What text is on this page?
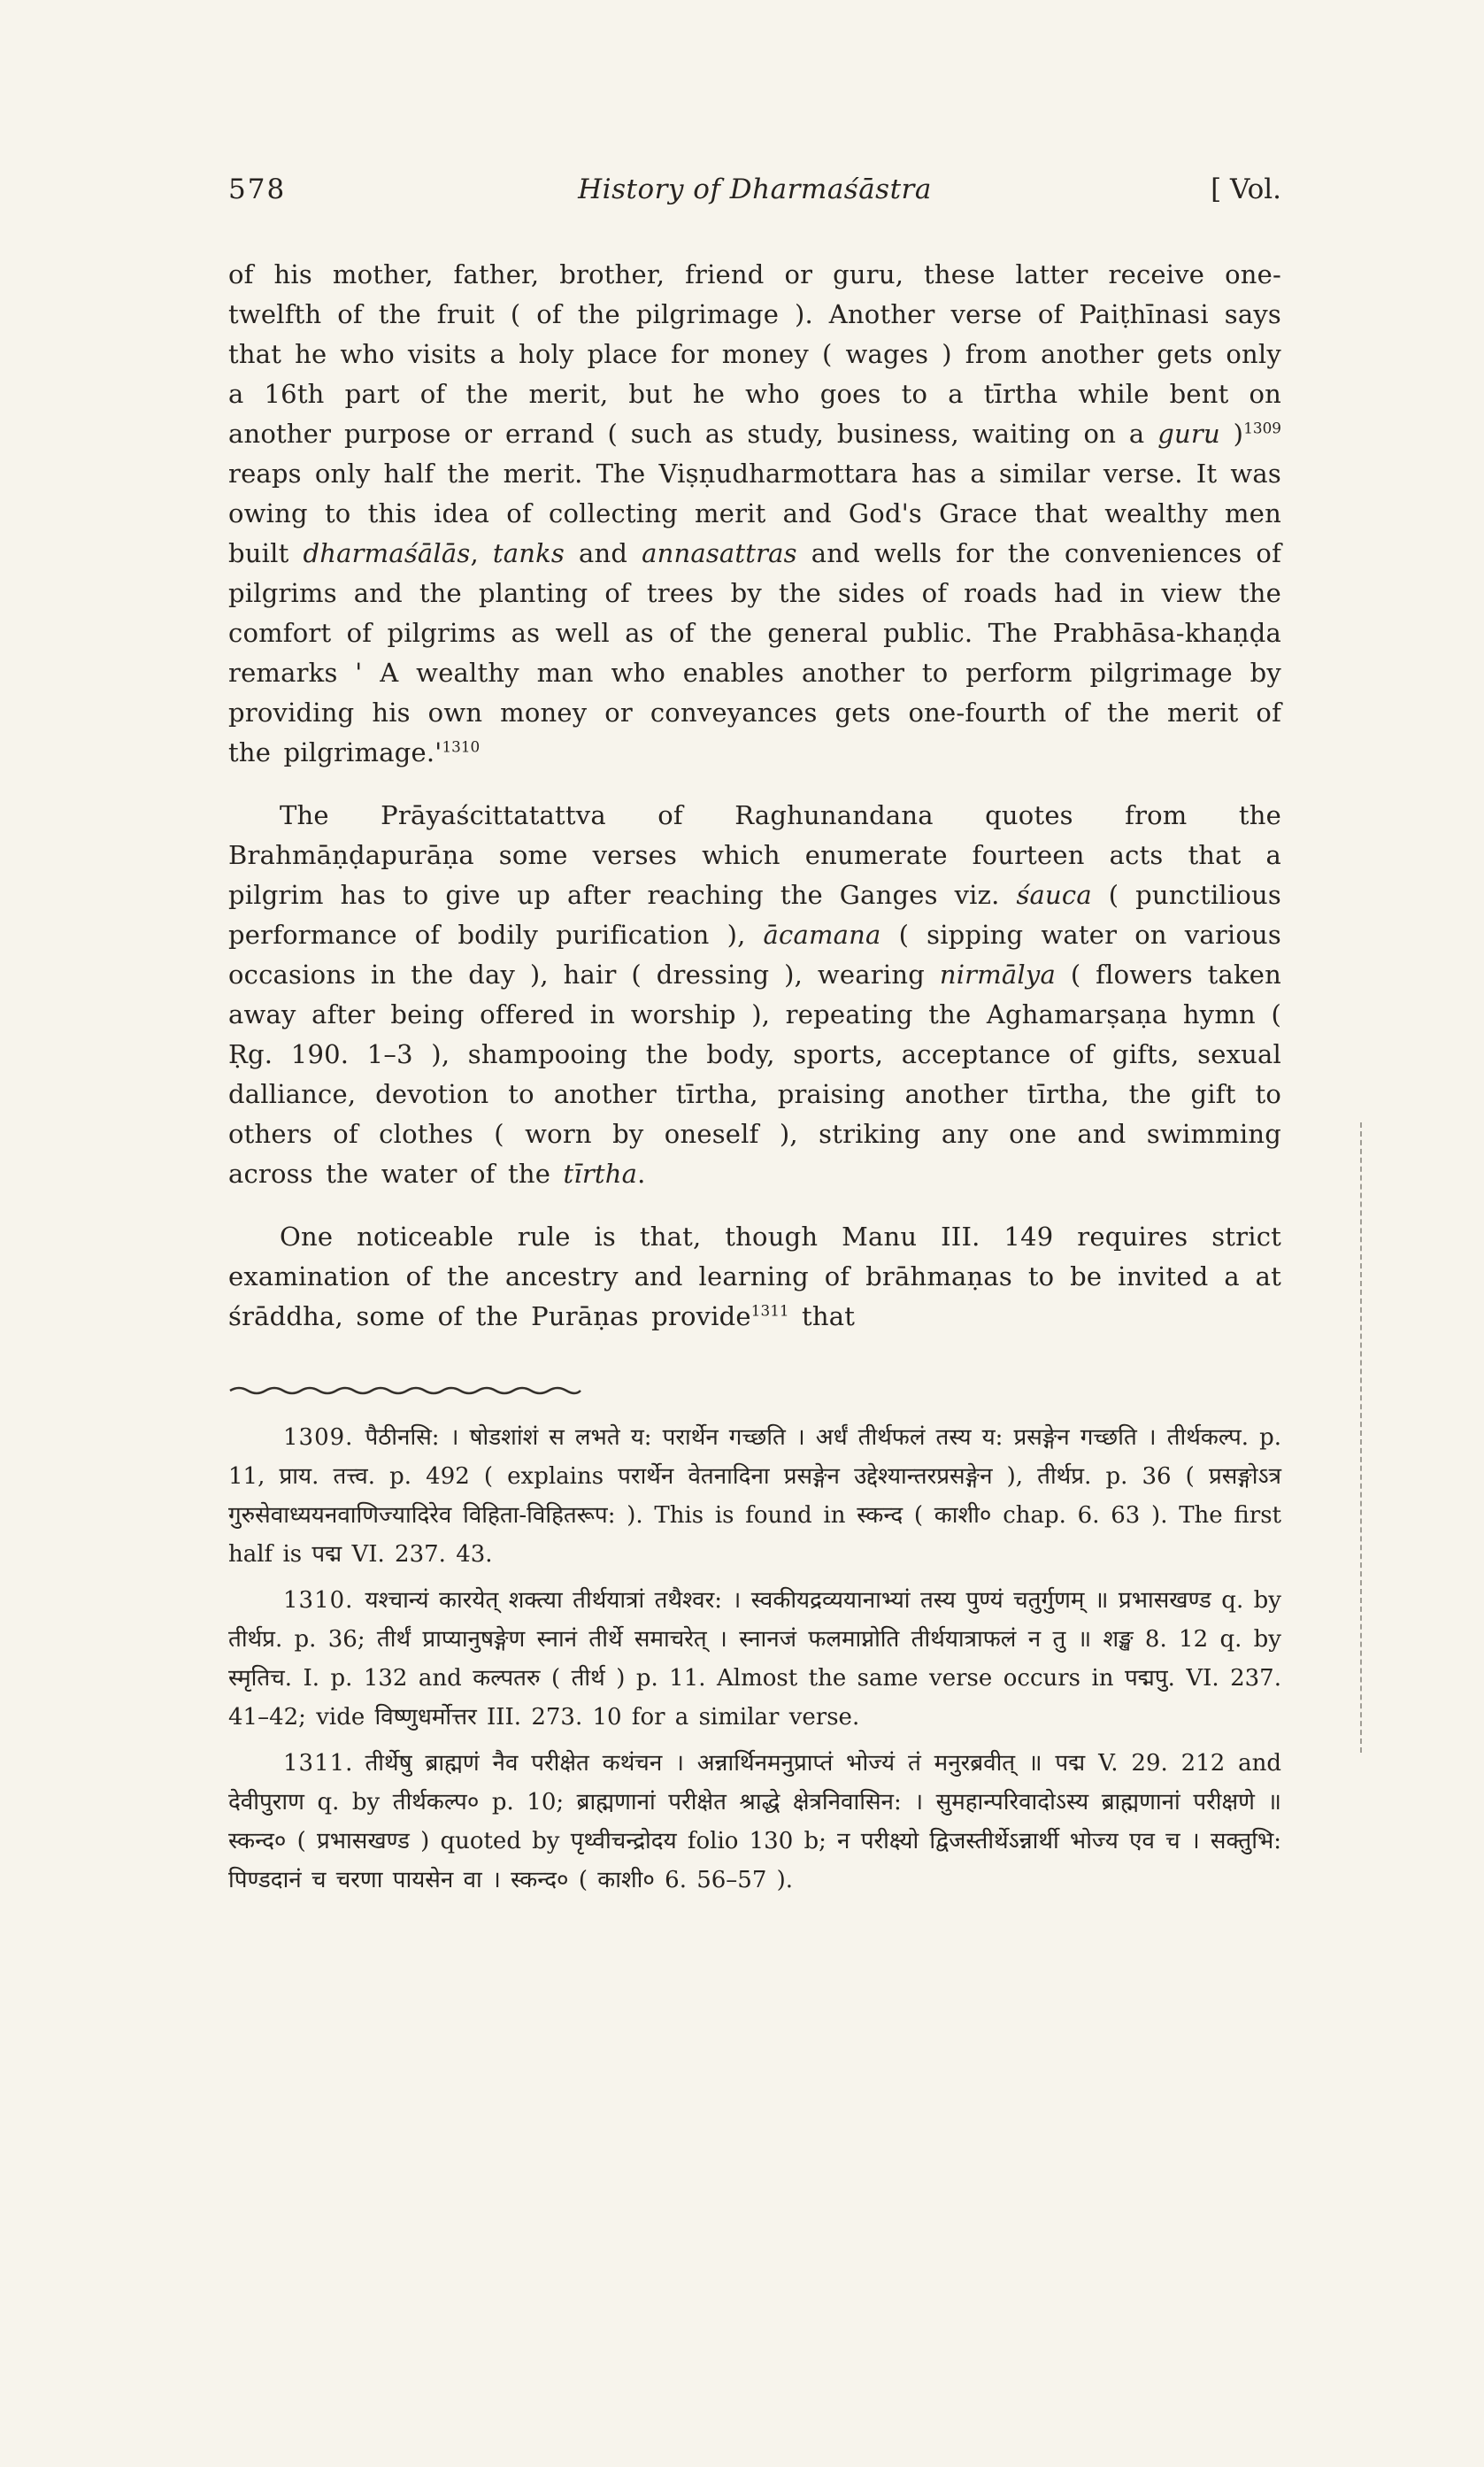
578	History of Dharmaśāstra	[ Vol.

of his mother, father, brother, friend or guru, these latter receive one-twelfth of the fruit ( of the pilgrimage ). Another verse of Paiṭhīnasi says that he who visits a holy place for money ( wages ) from another gets only a 16th part of the merit, but he who goes to a tīrtha while bent on another purpose or errand ( such as study, business, waiting on a guru )$^{1309}$ reaps only half the merit. The Viṣṇudharmottara has a similar verse. It was owing to this idea of collecting merit and God's Grace that wealthy men built dharmaśālās, tanks and annasattras and wells for the conveniences of pilgrims and the planting of trees by the sides of roads had in view the comfort of pilgrims as well as of the general public. The Prabhāsa-khaṇḍa remarks ' A wealthy man who enables another to perform pilgrimage by providing his own money or conveyances gets one-fourth of the merit of the $pilgrimage.'^{1310}$

The Prāyaścittatattva of Raghunandana quotes from the Brahmāṇḍapurāṇa some verses which enumerate fourteen acts that a pilgrim has to give up after reaching the Ganges viz. śauca ( punctilious performance of bodily purification ), ācamana ( sipping water on various occasions in the day ), hair ( dressing ), wearing nirmālya ( flowers taken away after being offered in worship ), repeating the Aghamarṣaṇa hymn ( Ṛg. 190. 1–3 ), shampooing the body, sports, acceptance of gifts, sexual dalliance, devotion to another tīrtha, praising another tīrtha, the gift to others of clothes ( worn by oneself ), striking any one and swimming across the water of the tīrtha.

One noticeable rule is that, though Manu III. 149 requires strict examination of the ancestry and learning of brāhmaṇas to be invited a at śrāddha, some of the Purāṇas provide$^{1311}$ that

1309. पैठीनसि: । षोडशांशं स लभते य: परार्थेन गच्छति । अर्धं तीर्थफलं तस्य य: प्रसङ्गेन गच्छति । तीर्थकल्प. p. 11, प्राय. तत्त्व. p. 492 ( explains परार्थेन वेतनादिना प्रसङ्गेन उद्देश्यान्तरप्रसङ्गेन ), तीर्थप्र. p. 36 ( प्रसङ्गोऽत्र गुरुसेवाध्ययनवाणिज्यादिरेव विहिता-विहितरूप: ). This is found in स्कन्द ( काशी० chap. 6. 63 ). The first half is पद्म VI. 237. 43.

1310. यश्चान्यं कारयेत् शक्त्या तीर्थयात्रां तथैश्वर: । स्वकीयद्रव्ययानाभ्यां तस्य पुण्यं चतुर्गुणम् ॥ प्रभासखण्ड q. by तीर्थप्र. p. 36; तीर्थं प्राप्यानुषङ्गेण स्नानं तीर्थे समाचरेत् । स्नानजं फलमाप्नोति तीर्थयात्राफलं न तु ॥ शङ्ख 8. 12 q. by स्मृतिच. I. p. 132 and कल्पतरु ( तीर्थ ) p. 11. Almost the same verse occurs in पद्मपु. VI. 237. 41–42; vide विष्णुधर्मोत्तर III. 273. 10 for a similar verse.

1311. तीर्थेषु ब्राह्मणं नैव परीक्षेत कथंचन । अन्नार्थिनमनुप्राप्तं भोज्यं तं मनुरब्रवीत् ॥ पद्म V. 29. 212 and देवीपुराण q. by तीर्थकल्प० p. 10; ब्राह्मणानां परीक्षेत श्राद्धे क्षेत्रनिवासिन: । सुमहान्परिवादोऽस्य ब्राह्मणानां परीक्षणे ॥ स्कन्द० ( प्रभासखण्ड ) quoted by पृथ्वीचन्द्रोदय folio 130 b; न परीक्ष्यो द्विजस्तीर्थेऽन्नार्थी भोज्य एव च । सक्तुभि: पिण्डदानं च चरणा पायसेन वा । स्कन्द० ( काशी० 6. 56–57 ).
